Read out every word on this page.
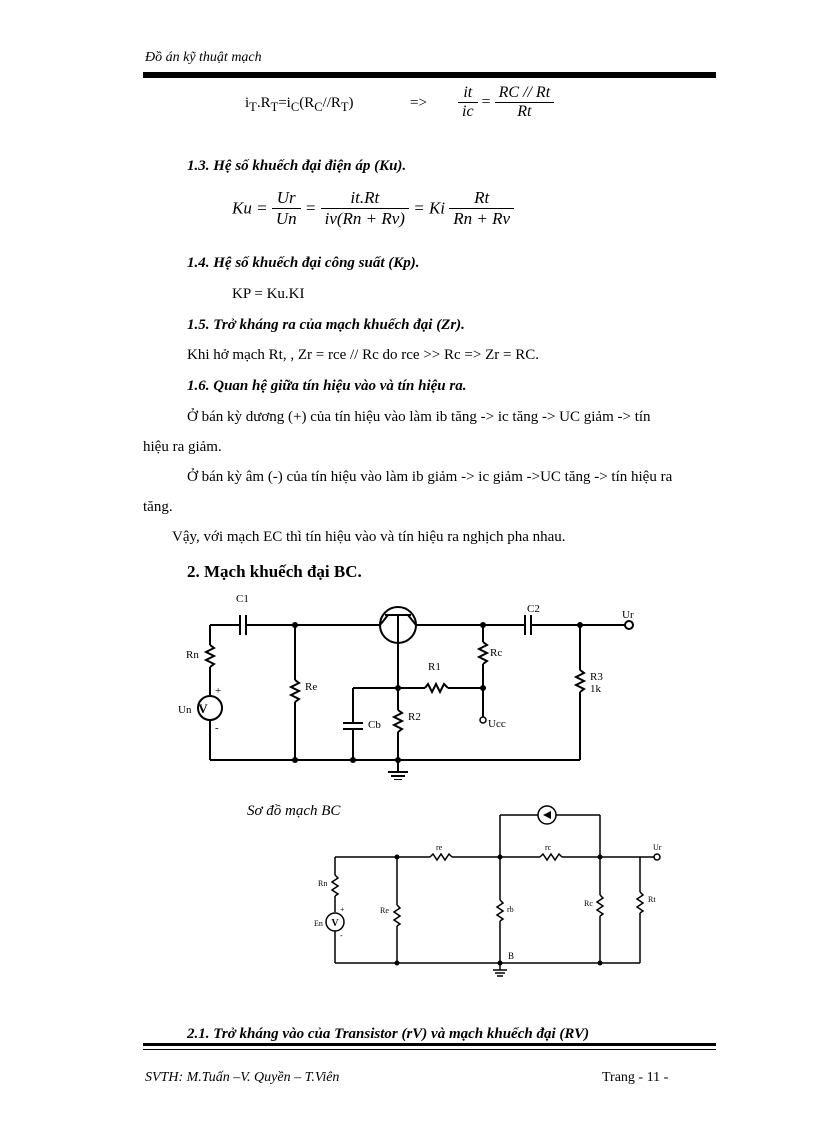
Đồ án kỹ thuật mạch
$i_T.R_T=i_C(R_C//R_T)$	=> $\frac{it}{ic} = \frac{RC // Rt}{Rt}$
1.3. Hệ số khuếch đại điện áp (Ku).
$Ku = \frac{Ur}{Un} = \frac{it.Rt}{iv(Rn + Rv)} = Ki \frac{Rt}{Rn + Rv}$
1.4. Hệ số khuếch đại công suất (Kp).
KP = Ku.KI
1.5. Trở kháng ra của mạch khuếch đại (Zr).
Khi hở mạch Rt, , Zr = rce // Rc do rce >> Rc => Zr = RC.
1.6. Quan hệ giữa tín hiệu vào và tín hiệu ra.
Ở bán kỳ dương (+) của tín hiệu vào làm ib tăng -> ic tăng -> UC giảm -> tín
hiệu ra giảm.
Ở bán kỳ âm (-) của tín hiệu vào làm ib giảm -> ic giảm ->UC tăng -> tín hiệu ra
tăng.
Vậy, với mạch EC thì tín hiệu vào và tín hiệu ra nghịch pha nhau.
2. Mạch khuếch đại BC.
V
C1
C2	Ur
Rn
Re
R1
Rc
R3
1k
Un
Cb
R2
Ucc
+
-
Sơ đồ mạch BC
V
re	rc	Ur
Rn
En
Re	rb
Rc	Rt
B
+
-
2.1. Trở kháng vào của Transistor (rV) và mạch khuếch đại (RV)
SVTH: M.Tuấn –V. Quyền – T.Viên	Trang - 11 -
